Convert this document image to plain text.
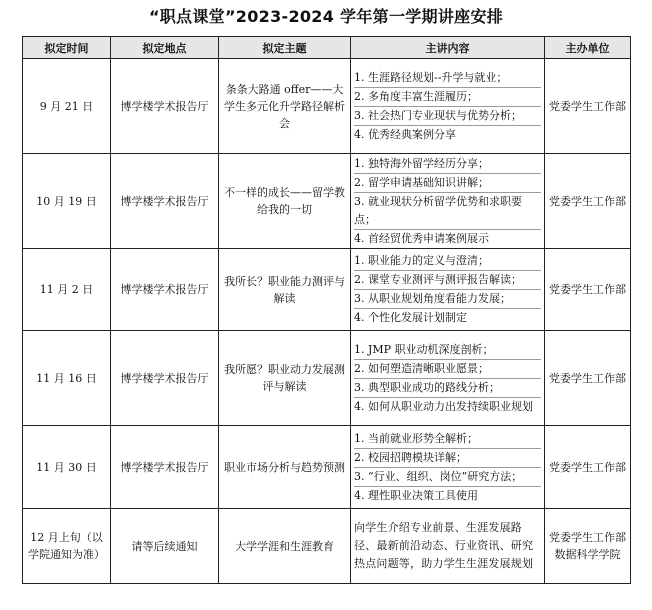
“职点课堂”2023-2024 学年第一学期讲座安排
拟定时间	拟定地点	拟定主题	主讲内容	主办单位
9 月 21 日	博学楼学术报告厅	条条大路通 offer——大学生多元化升学路径解析会	1. 生涯路径规划--升学与就业；
2. 多角度丰富生涯履历；
3. 社会热门专业现状与优势分析；
4. 优秀经典案例分享	党委学生工作部
10 月 19 日	博学楼学术报告厅	不一样的成长——留学教给我的一切	1. 独特海外留学经历分享；
2. 留学申请基础知识讲解；
3. 就业现状分析留学优势和求职要点；
4. 首经贸优秀申请案例展示	党委学生工作部
11 月 2 日	博学楼学术报告厅	我所长？职业能力测评与解读	1. 职业能力的定义与澄清；
2. 课堂专业测评与测评报告解读；
3. 从职业规划角度看能力发展；
4. 个性化发展计划制定	党委学生工作部
11 月 16 日	博学楼学术报告厅	我所愿？职业动力发展测评与解读	1. JMP 职业动机深度剖析；
2. 如何塑造清晰职业愿景；
3. 典型职业成功的路线分析；
4. 如何从职业动力出发持续职业规划	党委学生工作部
11 月 30 日	博学楼学术报告厅	职业市场分析与趋势预测	1. 当前就业形势全解析；
2. 校园招聘模块详解；
3. “行业、组织、岗位”研究方法；
4. 理性职业决策工具使用	党委学生工作部
12 月上旬（以学院通知为准）	请等后续通知	大学学涯和生涯教育	向学生介绍专业前景、生涯发展路径、最新前沿动态、行业资讯、研究热点问题等，助力学生生涯发展规划	党委学生工作部
数据科学学院
